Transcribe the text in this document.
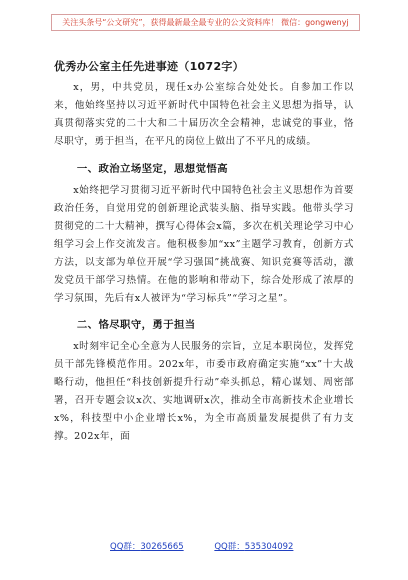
关注头条号“公文研究”，获得最新最全最专业的公文资料库！ 微信：gongwenyj
优秀办公室主任先进事迹（1072字）

x，男，中共党员，现任x办公室综合处处长。自参加工作以来，他始终坚持以习近平新时代中国特色社会主义思想为指导，认真贯彻落实党的二十大和二十届历次全会精神，忠诚党的事业，恪尽职守，勇于担当，在平凡的岗位上做出了不平凡的成绩。

一、政治立场坚定，思想觉悟高

x始终把学习贯彻习近平新时代中国特色社会主义思想作为首要政治任务，自觉用党的创新理论武装头脑、指导实践。他带头学习贯彻党的二十大精神，撰写心得体会x篇，多次在机关理论学习中心组学习会上作交流发言。他积极参加“xx”主题学习教育，创新方式方法，以支部为单位开展“学习强国”挑战赛、知识竞赛等活动，激发党员干部学习热情。在他的影响和带动下，综合处形成了浓厚的学习氛围，先后有x人被评为“学习标兵”“学习之星”。

二、恪尽职守，勇于担当

x时刻牢记全心全意为人民服务的宗旨，立足本职岗位，发挥党员干部先锋模范作用。202x年，市委市政府确定实施“xx”十大战略行动，他担任“科技创新提升行动”牵头抓总，精心谋划、周密部署，召开专题会议x次、实地调研x次，推动全市高新技术企业增长x%，科技型中小企业增长x%，为全市高质量发展提供了有力支撑。202x年，面

QQ群：30265665	QQ群：535304092
